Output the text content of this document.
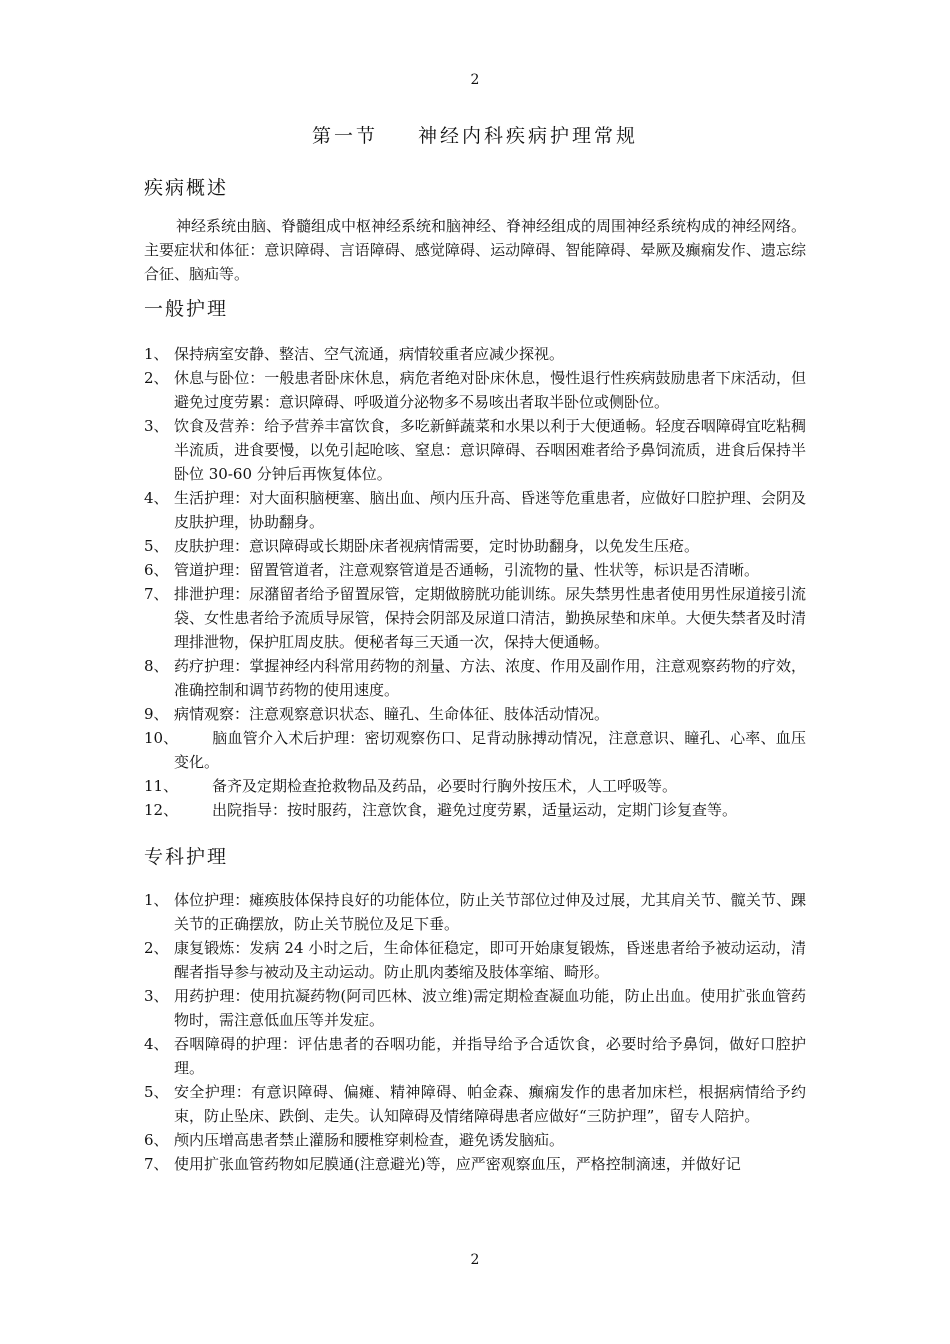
2
第一节 神经内科疾病护理常规
疾病概述
神经系统由脑、脊髓组成中枢神经系统和脑神经、脊神经组成的周围神经系统构成的神经网络。主要症状和体征：意识障碍、言语障碍、感觉障碍、运动障碍、智能障碍、晕厥及癫痫发作、遗忘综合征、脑疝等。
一般护理
1、 保持病室安静、整洁、空气流通，病情较重者应减少探视。
2、 休息与卧位：一般患者卧床休息，病危者绝对卧床休息，慢性退行性疾病鼓励患者下床活动，但避免过度劳累：意识障碍、呼吸道分泌物多不易咳出者取半卧位或侧卧位。
3、 饮食及营养：给予营养丰富饮食，多吃新鲜蔬菜和水果以利于大便通畅。轻度吞咽障碍宜吃粘稠半流质，进食要慢，以免引起呛咳、窒息：意识障碍、吞咽困难者给予鼻饲流质，进食后保持半卧位 30-60 分钟后再恢复体位。
4、 生活护理：对大面积脑梗塞、脑出血、颅内压升高、昏迷等危重患者，应做好口腔护理、会阴及皮肤护理，协助翻身。
5、 皮肤护理：意识障碍或长期卧床者视病情需要，定时协助翻身，以免发生压疮。
6、 管道护理：留置管道者，注意观察管道是否通畅，引流物的量、性状等，标识是否清晰。
7、 排泄护理：尿潴留者给予留置尿管，定期做膀胱功能训练。尿失禁男性患者使用男性尿道接引流袋、女性患者给予流质导尿管，保持会阴部及尿道口清洁，勤换尿垫和床单。大便失禁者及时清理排泄物，保护肛周皮肤。便秘者每三天通一次，保持大便通畅。
8、 药疗护理：掌握神经内科常用药物的剂量、方法、浓度、作用及副作用，注意观察药物的疗效，准确控制和调节药物的使用速度。
9、 病情观察：注意观察意识状态、瞳孔、生命体征、肢体活动情况。
10、 脑血管介入术后护理：密切观察伤口、足背动脉搏动情况，注意意识、瞳孔、心率、血压变化。
11、 备齐及定期检查抢救物品及药品，必要时行胸外按压术，人工呼吸等。
12、 出院指导：按时服药，注意饮食，避免过度劳累，适量运动，定期门诊复查等。
专科护理
1、 体位护理：瘫痪肢体保持良好的功能体位，防止关节部位过伸及过展，尤其肩关节、髋关节、踝关节的正确摆放，防止关节脱位及足下垂。
2、 康复锻炼：发病 24 小时之后，生命体征稳定，即可开始康复锻炼，昏迷患者给予被动运动，清醒者指导参与被动及主动运动。防止肌肉萎缩及肢体挛缩、畸形。
3、 用药护理：使用抗凝药物(阿司匹林、波立维)需定期检查凝血功能，防止出血。使用扩张血管药物时，需注意低血压等并发症。
4、 吞咽障碍的护理：评估患者的吞咽功能，并指导给予合适饮食，必要时给予鼻饲，做好口腔护理。
5、 安全护理：有意识障碍、偏瘫、精神障碍、帕金森、癫痫发作的患者加床栏，根据病情给予约束，防止坠床、跌倒、走失。认知障碍及情绪障碍患者应做好“三防护理”，留专人陪护。
6、 颅内压增高患者禁止灌肠和腰椎穿刺检查，避免诱发脑疝。
7、 使用扩张血管药物如尼膜通(注意避光)等，应严密观察血压，严格控制滴速，并做好记
2
